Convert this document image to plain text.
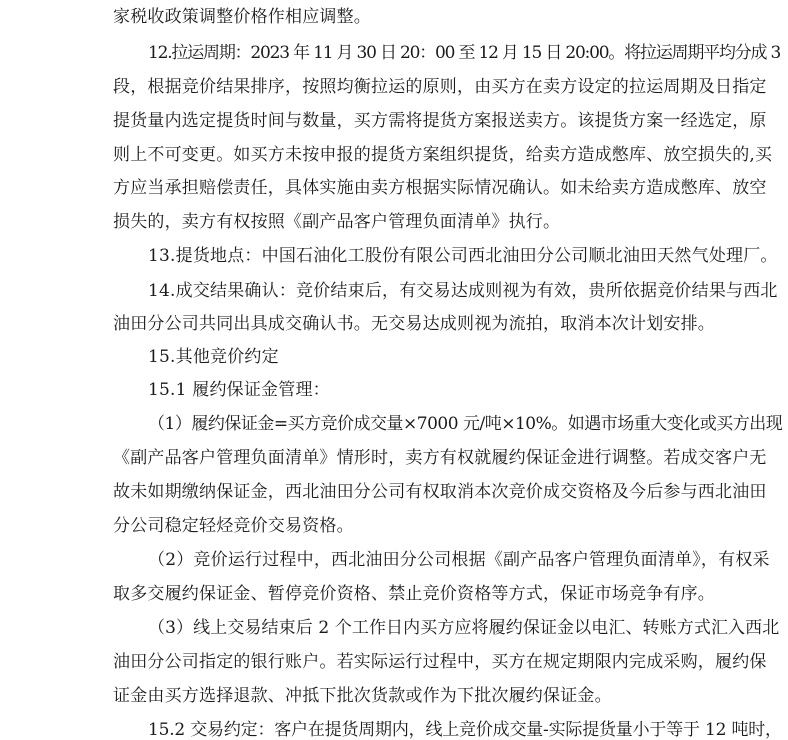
家税收政策调整价格作相应调整。
12.拉运周期：2023 年 11 月 30 日 20：00 至 12 月 15 日 20:00。将拉运周期平均分成 3
段，根据竞价结果排序，按照均衡拉运的原则，由买方在卖方设定的拉运周期及日指定
提货量内选定提货时间与数量，买方需将提货方案报送卖方。该提货方案一经选定，原
则上不可变更。如买方未按申报的提货方案组织提货，给卖方造成憋库、放空损失的,买
方应当承担赔偿责任，具体实施由卖方根据实际情况确认。如未给卖方造成憋库、放空
损失的，卖方有权按照《副产品客户管理负面清单》执行。
13.提货地点：中国石油化工股份有限公司西北油田分公司顺北油田天然气处理厂。
14.成交结果确认：竞价结束后，有交易达成则视为有效，贵所依据竞价结果与西北
油田分公司共同出具成交确认书。无交易达成则视为流拍，取消本次计划安排。
15.其他竞价约定
15.1 履约保证金管理：
（1）履约保证金=买方竞价成交量×7000 元/吨×10%。如遇市场重大变化或买方出现
《副产品客户管理负面清单》情形时，卖方有权就履约保证金进行调整。若成交客户无
故未如期缴纳保证金，西北油田分公司有权取消本次竞价成交资格及今后参与西北油田
分公司稳定轻烃竞价交易资格。
（2）竞价运行过程中，西北油田分公司根据《副产品客户管理负面清单》，有权采
取多交履约保证金、暂停竞价资格、禁止竞价资格等方式，保证市场竞争有序。
（3）线上交易结束后 2 个工作日内买方应将履约保证金以电汇、转账方式汇入西北
油田分公司指定的银行账户。若实际运行过程中，买方在规定期限内完成采购，履约保
证金由买方选择退款、冲抵下批次货款或作为下批次履约保证金。
15.2 交易约定：客户在提货周期内，线上竞价成交量-实际提货量小于等于 12 吨时，
